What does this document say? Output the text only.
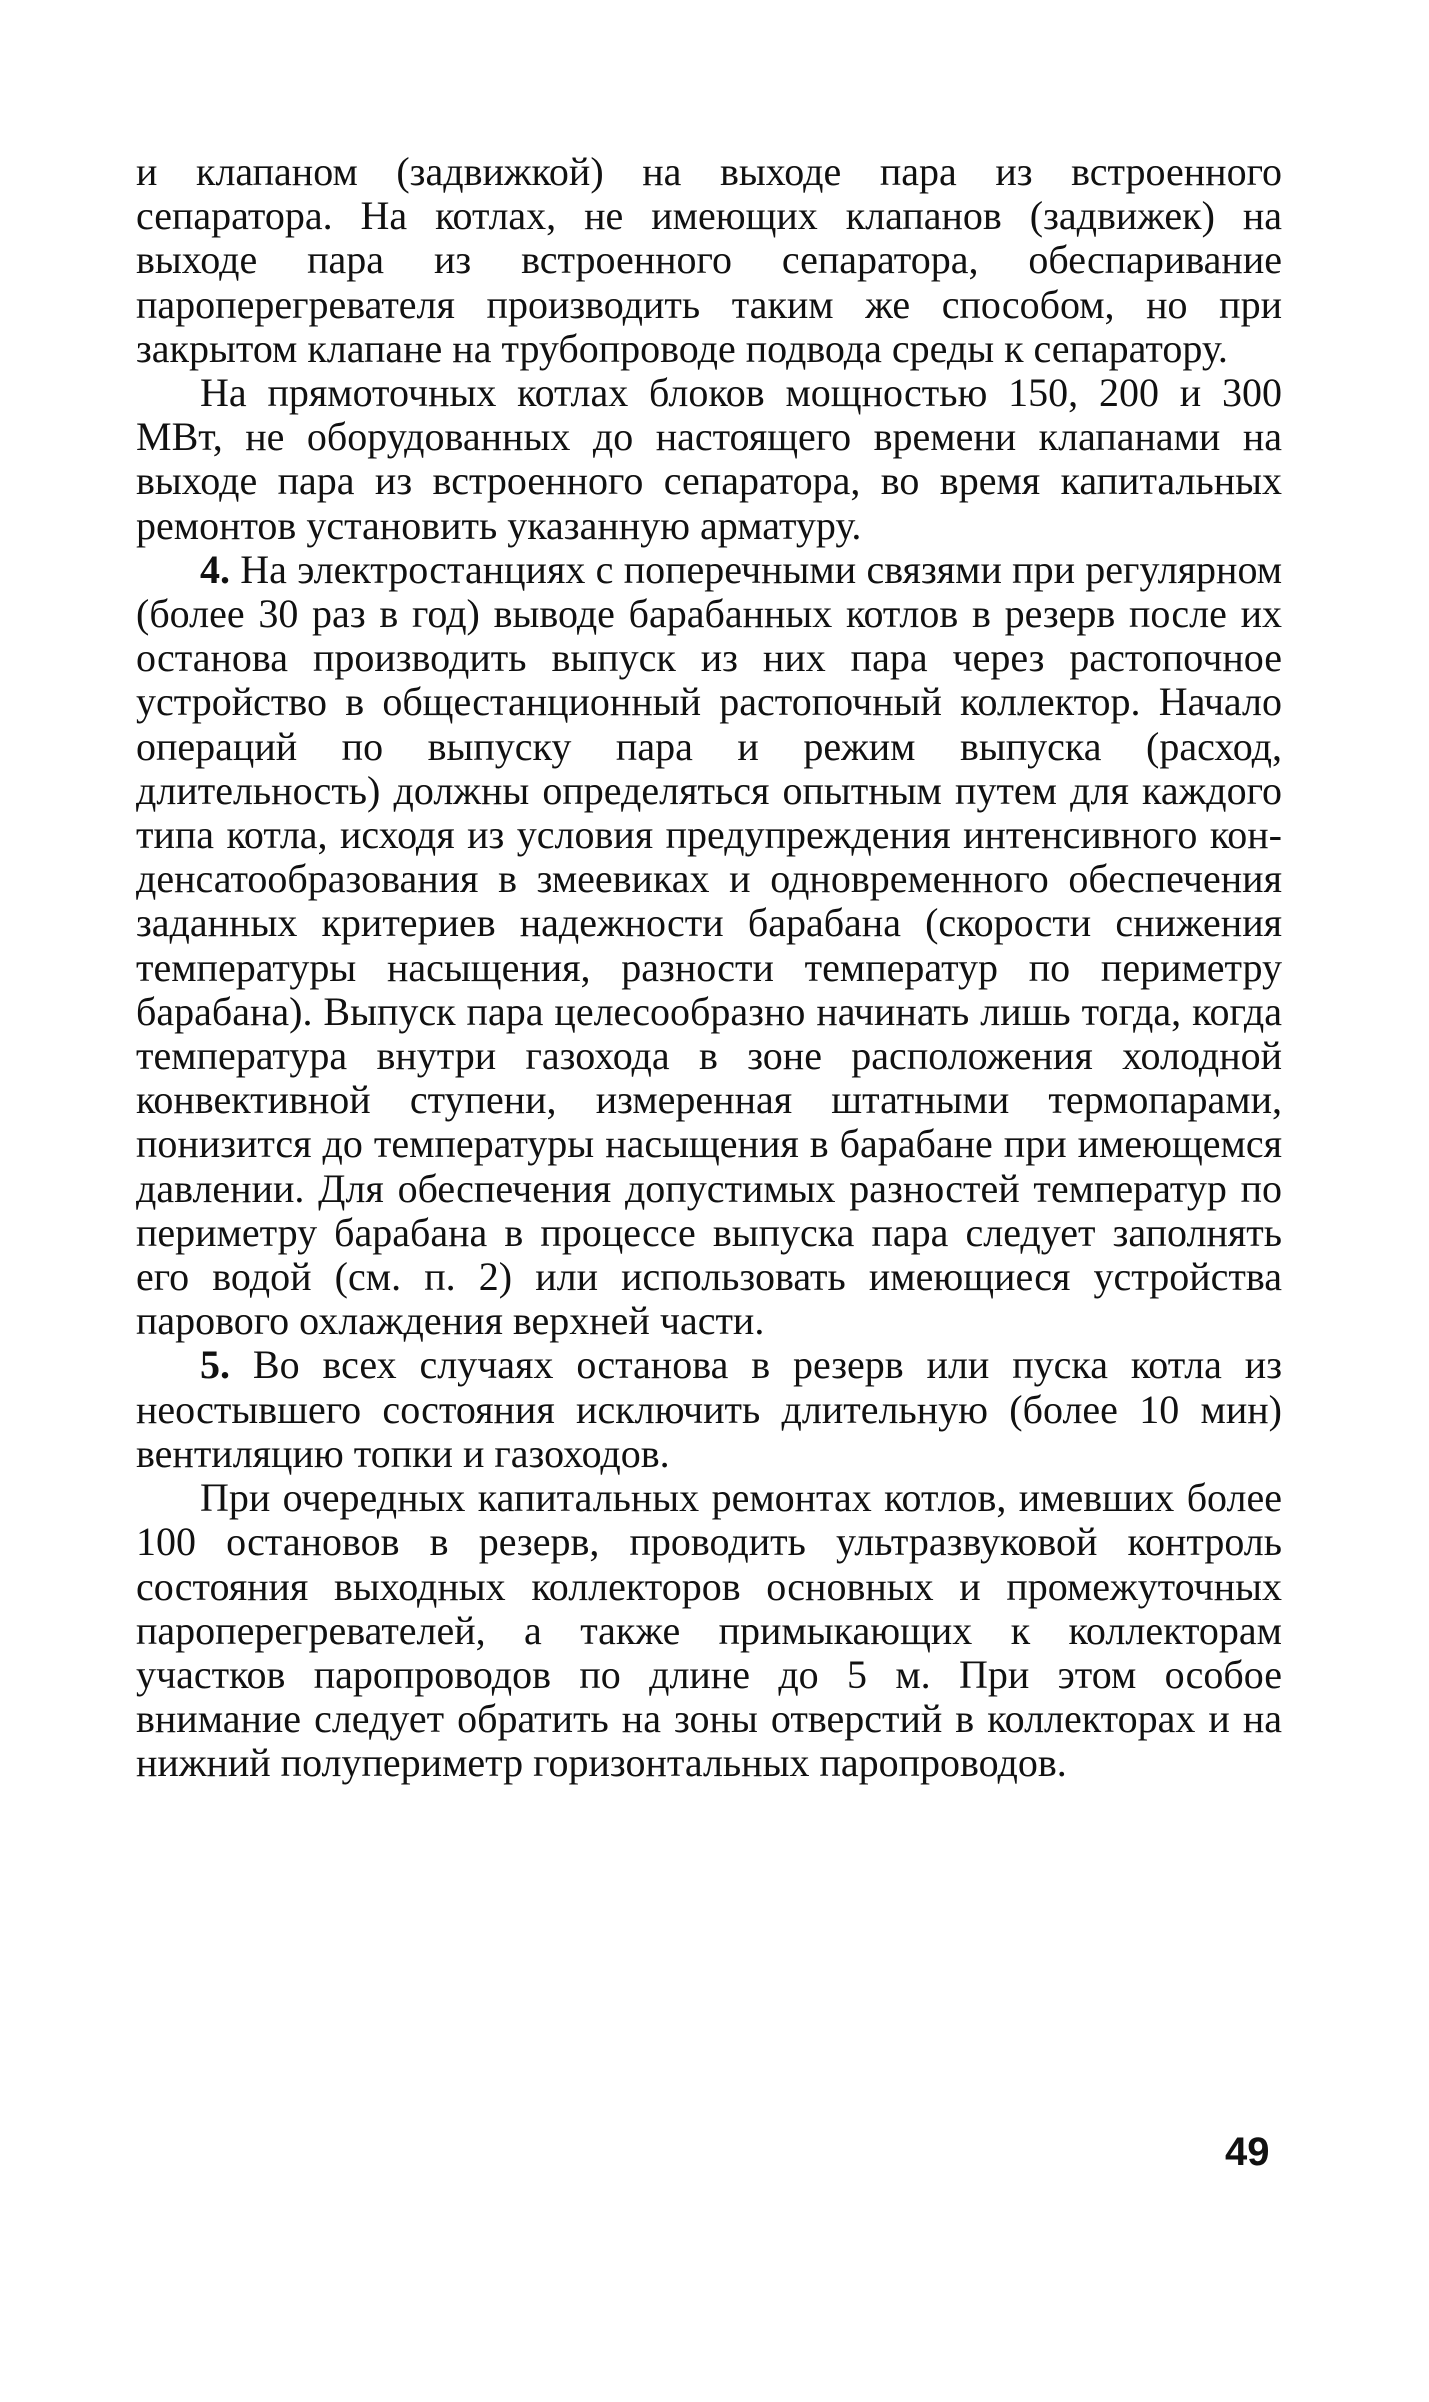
и клапаном (задвижкой) на выходе пара из встроенного сепаратора. На котлах, не имеющих клапанов (задвижек) на выходе пара из встроенного сепаратора, обеспаривание пароперегревателя производить таким же способом, но при закрытом клапане на трубопроводе подвода среды к сепаратору.

На прямоточных котлах блоков мощностью 150, 200 и 300 МВт, не оборудованных до настоящего времени клапанами на выходе пара из встроенного сепаратора, во время капитальных ремонтов установить указанную арматуру.

4. На электростанциях с поперечными связями при регулярном (более 30 раз в год) выводе барабанных котлов в резерв после их останова производить выпуск из них пара через растопочное устройство в общестанционный растопочный коллектор. Начало операций по выпуску пара и режим выпуска (расход, длительность) должны определяться опытным путем для каждого типа котла, исходя из условия предупреждения интенсивного конденсатообразования в змеевиках и одновременного обеспечения заданных критериев надежности барабана (скорости снижения температуры насыщения, разности температур по периметру барабана). Выпуск пара целесообразно начинать лишь тогда, когда температура внутри газохода в зоне расположения холодной конвективной ступени, измеренная штатными термопарами, понизится до температуры насыщения в барабане при имеющемся давлении. Для обеспечения допустимых разностей температур по периметру барабана в процессе выпуска пара следует заполнять его водой (см. п. 2) или использовать имеющиеся устройства парового охлаждения верхней части.

5. Во всех случаях останова в резерв или пуска котла из неостывшего состояния исключить длительную (более 10 мин) вентиляцию топки и газоходов.

При очередных капитальных ремонтах котлов, имевших более 100 остановов в резерв, проводить ультразвуковой контроль состояния выходных коллекторов основных и промежуточных пароперегревателей, а также примыкающих к коллекторам участков паропроводов по длине до 5 м. При этом особое внимание следует обратить на зоны отверстий в коллекторах и на нижний полупериметр горизонтальных паропроводов.

49
